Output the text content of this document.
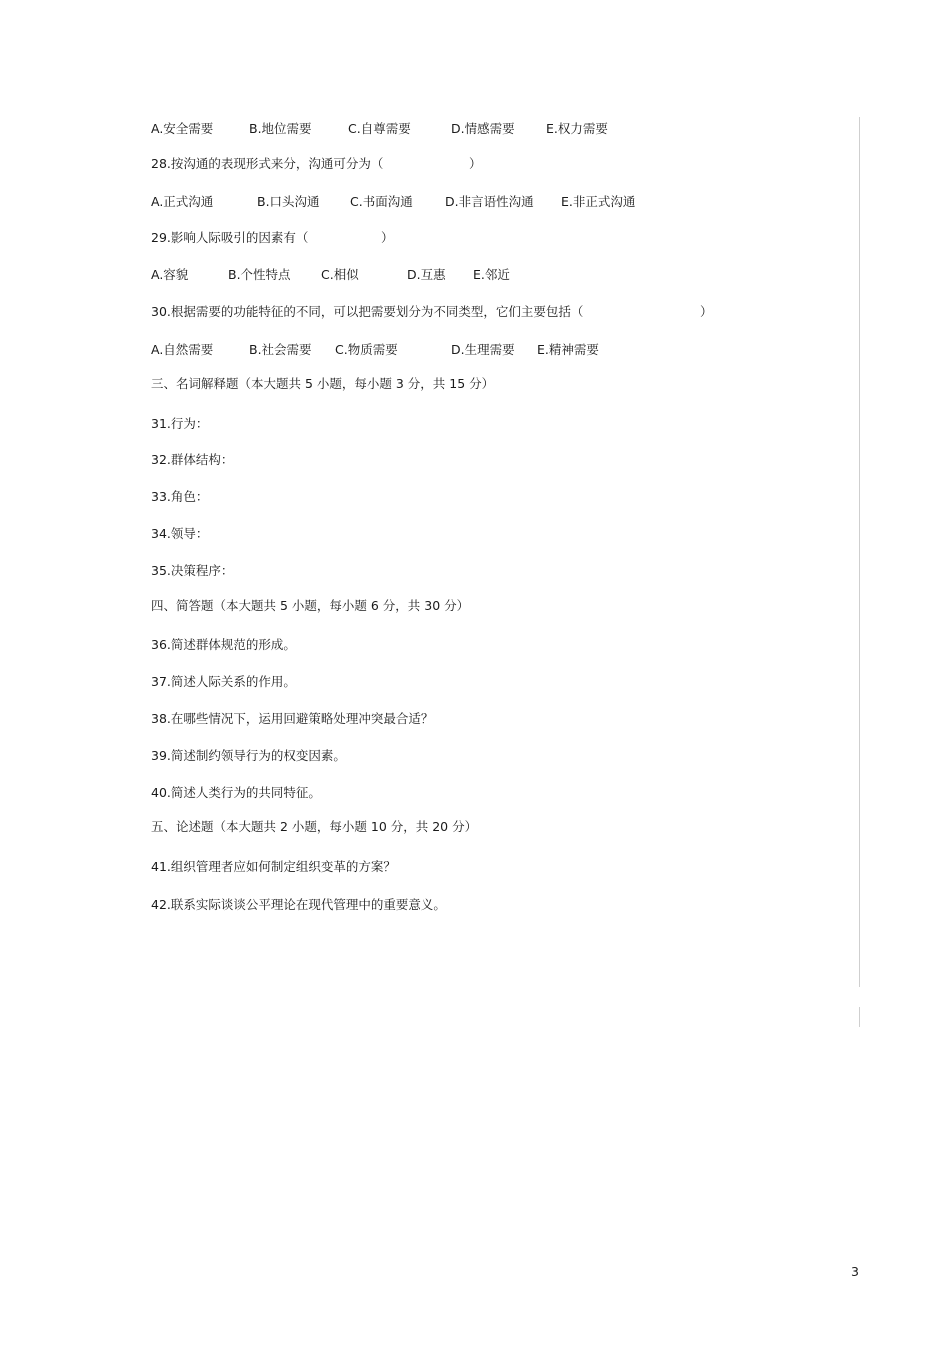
A.安全需要	B.地位需要	C.自尊需要	D.情感需要	E.权力需要
28.按沟通的表现形式来分，沟通可分为（	）
A.正式沟通	B.口头沟通 C.书面沟通	D.非言语性沟通 E.非正式沟通
29.影响人际吸引的因素有（	）
A.容貌	B.个性特点 C.相似	D.互惠 E.邻近
30.根据需要的功能特征的不同，可以把需要划分为不同类型，它们主要包括（	）
A.自然需要	B.社会需要 C.物质需要	D.生理需要 E.精神需要
三、名词解释题（本大题共 5 小题，每小题 3 分，共 15 分）
31.行为：
32.群体结构：
33.角色：
34.领导：
35.决策程序：
四、简答题（本大题共 5 小题，每小题 6 分，共 30 分）
36.简述群体规范的形成。
37.简述人际关系的作用。
38.在哪些情况下，运用回避策略处理冲突最合适？
39.简述制约领导行为的权变因素。
40.简述人类行为的共同特征。
五、论述题（本大题共 2 小题，每小题 10 分，共 20 分）
41.组织管理者应如何制定组织变革的方案？
42.联系实际谈谈公平理论在现代管理中的重要意义。
3
